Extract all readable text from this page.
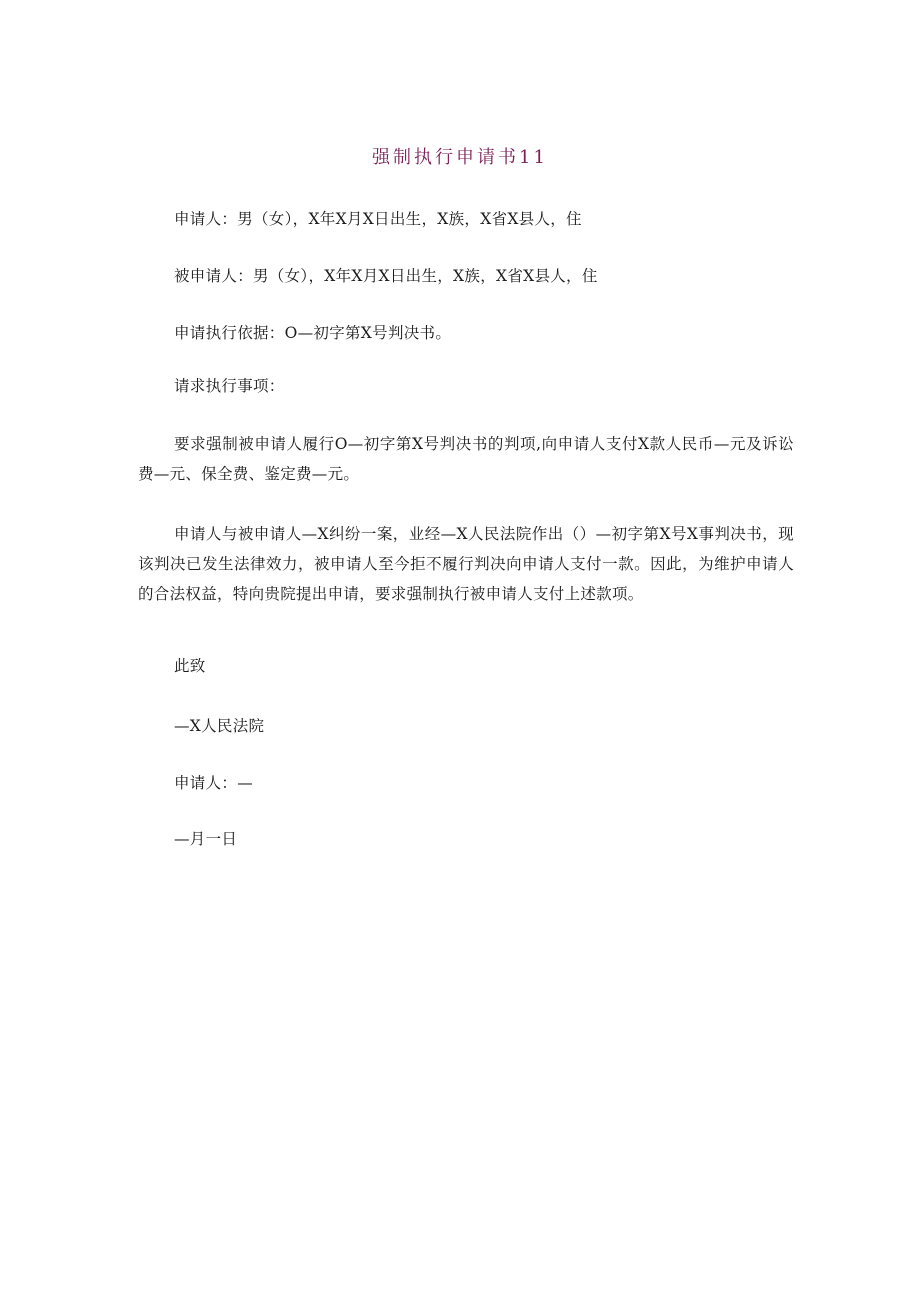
强制执行申请书11

申请人：男（女），X年X月X日出生，X族，X省X县人，住

被申请人：男（女），X年X月X日出生，X族，X省X县人，住

申请执行依据：O—初字第X号判决书。

请求执行事项：

要求强制被申请人履行O—初字第X号判决书的判项,向申请人支付X款人民币—元及诉讼费—元、保全费、鉴定费—元。

申请人与被申请人—X纠纷一案，业经—X人民法院作出（）—初字第X号X事判决书，现该判决已发生法律效力，被申请人至今拒不履行判决向申请人支付一款。因此，为维护申请人的合法权益，特向贵院提出申请，要求强制执行被申请人支付上述款项。

此致

—X人民法院

申请人：—

—月一日
